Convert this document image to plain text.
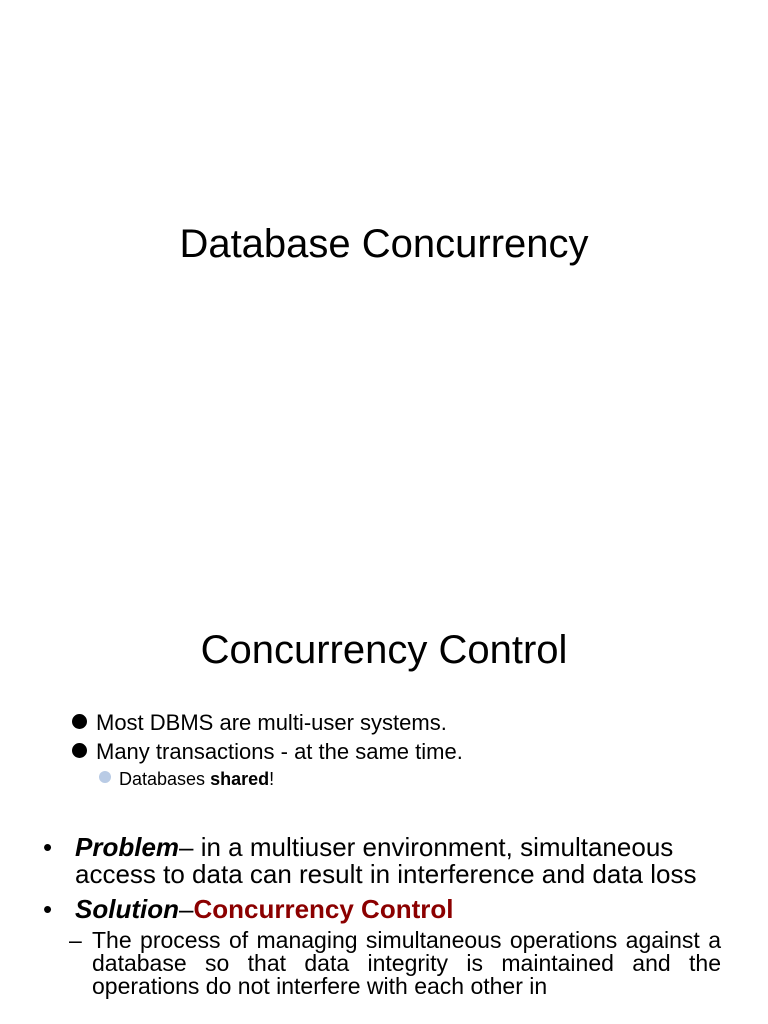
Database Concurrency
Concurrency Control
Most DBMS are multi-user systems.
Many transactions - at the same time.
Databases shared!
• Problem– in a multiuser environment, simultaneous access to data can result in interference and data loss
• Solution–Concurrency Control
– The process of managing simultaneous operations against a database so that data integrity is maintained and the operations do not interfere with each other in
